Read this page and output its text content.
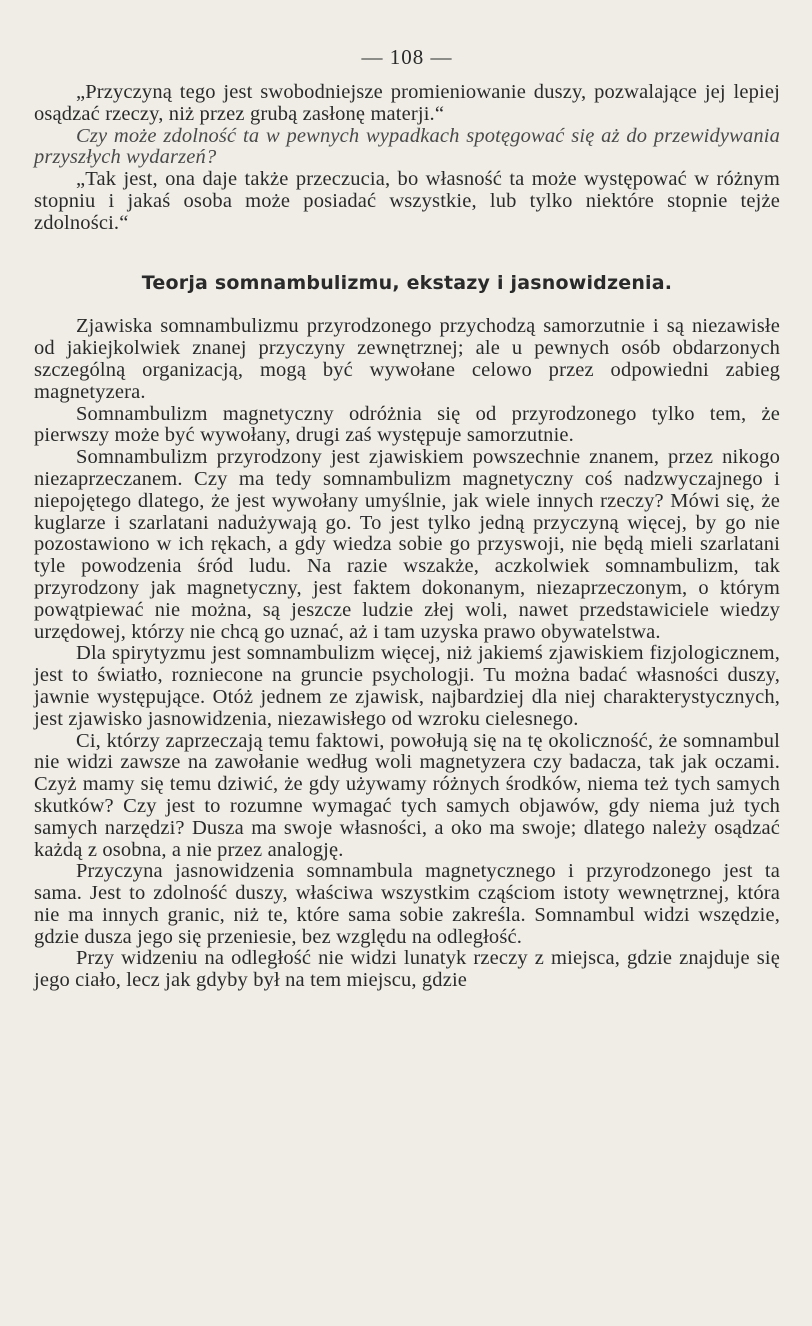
— 108 —

„Przyczyną tego jest swobodniejsze promieniowanie duszy, pozwalające jej lepiej osądzać rzeczy, niż przez grubą zasłonę materji.“

Czy może zdolność ta w pewnych wypadkach spotęgować się aż do przewidywania przyszłych wydarzeń?

„Tak jest, ona daje także przeczucia, bo własność ta może występować w różnym stopniu i jakaś osoba może posiadać wszystkie, lub tylko niektóre stopnie tejże zdolności.“

Teorja somnambulizmu, ekstazy i jasnowidzenia.

Zjawiska somnambulizmu przyrodzonego przychodzą samorzutnie i są niezawisłe od jakiejkolwiek znanej przyczyny zewnętrznej; ale u pewnych osób obdarzonych szczególną organizacją, mogą być wywołane celowo przez odpowiedni zabieg magnetyzera.

Somnambulizm magnetyczny odróżnia się od przyrodzonego tylko tem, że pierwszy może być wywołany, drugi zaś występuje samorzutnie.

Somnambulizm przyrodzony jest zjawiskiem powszechnie znanem, przez nikogo niezaprzeczanem. Czy ma tedy somnambulizm magnetyczny coś nadzwyczajnego i niepojętego dlatego, że jest wywołany umyślnie, jak wiele innych rzeczy? Mówi się, że kuglarze i szarlatani nadużywają go. To jest tylko jedną przyczyną więcej, by go nie pozostawiono w ich rękach, a gdy wiedza sobie go przyswoji, nie będą mieli szarlatani tyle powodzenia śród ludu. Na razie wszakże, aczkolwiek somnambulizm, tak przyrodzony jak magnetyczny, jest faktem dokonanym, niezaprzeczonym, o którym powątpiewać nie można, są jeszcze ludzie złej woli, nawet przedstawiciele wiedzy urzędowej, którzy nie chcą go uznać, aż i tam uzyska prawo obywatelstwa.

Dla spirytyzmu jest somnambulizm więcej, niż jakiemś zjawiskiem fizjologicznem, jest to światło, rozniecone na gruncie psychologji. Tu można badać własności duszy, jawnie występujące. Otóż jednem ze zjawisk, najbardziej dla niej charakterystycznych, jest zjawisko jasnowidzenia, niezawisłego od wzroku cielesnego.

Ci, którzy zaprzeczają temu faktowi, powołują się na tę okoliczność, że somnambul nie widzi zawsze na zawołanie według woli magnetyzera czy badacza, tak jak oczami. Czyż mamy się temu dziwić, że gdy używamy różnych środków, niema też tych samych skutków? Czy jest to rozumne wymagać tych samych objawów, gdy niema już tych samych narzędzi? Dusza ma swoje własności, a oko ma swoje; dlatego należy osądzać każdą z osobna, a nie przez analogję.

Przyczyna jasnowidzenia somnambula magnetycznego i przyrodzonego jest ta sama. Jest to zdolność duszy, właściwa wszystkim cząściom istoty wewnętrznej, która nie ma innych granic, niż te, które sama sobie zakreśla. Somnambul widzi wszędzie, gdzie dusza jego się przeniesie, bez względu na odległość.

Przy widzeniu na odległość nie widzi lunatyk rzeczy z miejsca, gdzie znajduje się jego ciało, lecz jak gdyby był na tem miejscu, gdzie
